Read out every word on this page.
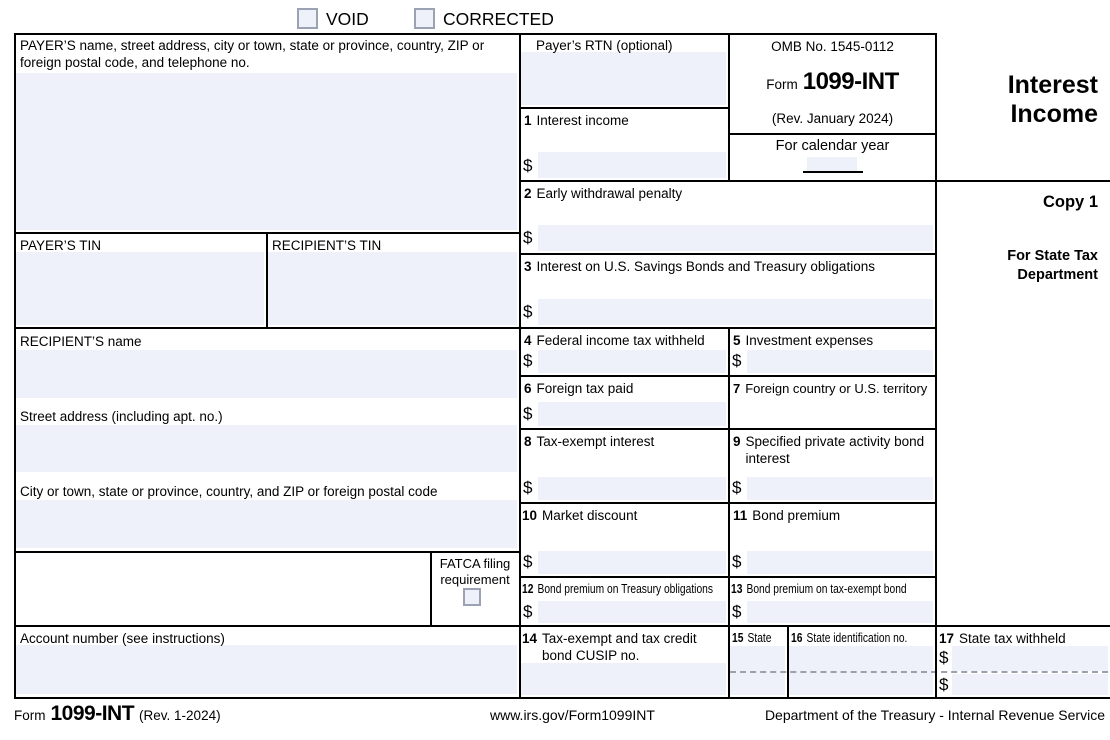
VOID	CORRECTED
PAYER’S name, street address, city or town, state or province, country, ZIP or foreign postal code, and telephone no.
PAYER’S TIN	RECIPIENT’S TIN
RECIPIENT’S name
Street address (including apt. no.)
City or town, state or province, country, and ZIP or foreign postal code
FATCA filing requirement
Account number (see instructions)
Payer’s RTN (optional)
1 Interest income
$
2 Early withdrawal penalty
$
3 Interest on U.S. Savings Bonds and Treasury obligations
$
4 Federal income tax withheld
$
5 Investment expenses
$
6 Foreign tax paid
$
7 Foreign country or U.S. territory
8 Tax-exempt interest
$
9 Specified private activity bond interest
$
10 Market discount
$
11 Bond premium
$
12 Bond premium on Treasury obligations
$
13 Bond premium on tax-exempt bond
$
14 Tax-exempt and tax credit bond CUSIP no.
15 State 16 State identification no. 17 State tax withheld
$
$
OMB No. 1545-0112
Form 1099-INT
(Rev. January 2024)
For calendar year
Interest
Income
Copy 1
For State Tax
Department
Form 1099-INT (Rev. 1-2024)	www.irs.gov/Form1099INT	Department of the Treasury - Internal Revenue Service
